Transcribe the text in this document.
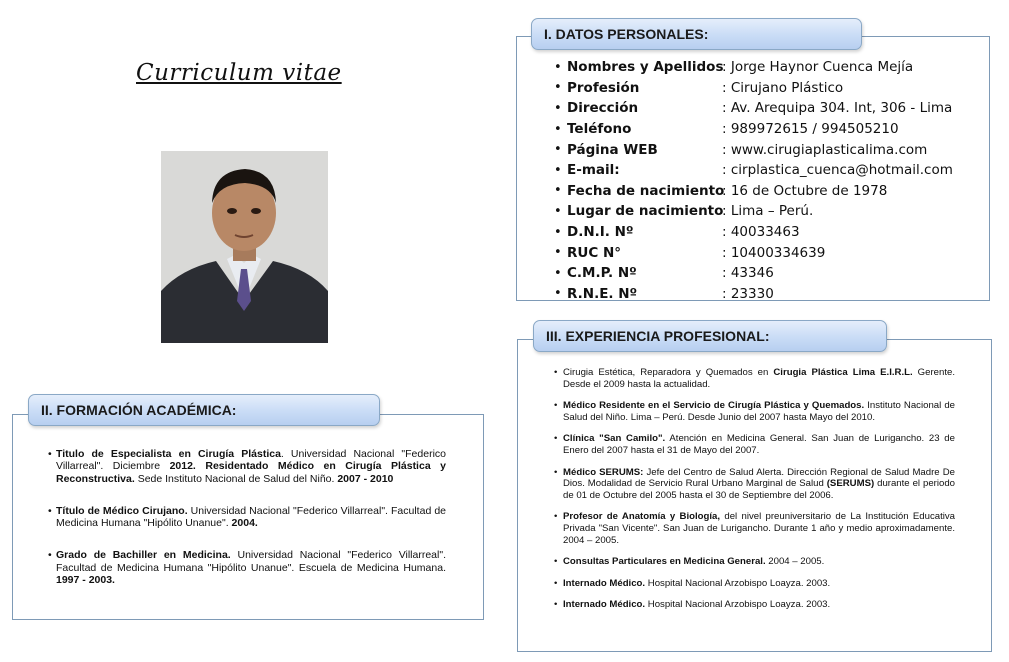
Curriculum vitae
I. DATOS PERSONALES:
• Nombres y Apellidos
: Jorge Haynor Cuenca Mejía
• Profesión	: Cirujano Plástico
• Dirección	: Av. Arequipa 304. Int, 306 - Lima
• Teléfono	: 989972615 / 994505210
• Página WEB	: www.cirugiaplasticalima.com
• E-mail:	: cirplastica_cuenca@hotmail.com
• Fecha de nacimiento
: 16 de Octubre de 1978
• Lugar de nacimiento
: Lima – Perú.
• D.N.I. Nº	: 40033463
• RUC N°	: 10400334639
• C.M.P. Nº	: 43346
• R.N.E. Nº	: 23330
II. FORMACIÓN ACADÉMICA:
• Titulo de Especialista en Cirugía Plástica. Universidad Nacional "Federico Villarreal". Diciembre 2012. Residentado Médico en Cirugía Plástica y Reconstructiva. Sede Instituto Nacional de Salud del Niño. 2007 - 2010
• Título de Médico Cirujano. Universidad Nacional "Federico Villarreal". Facultad de Medicina Humana "Hipólito Unanue". 2004.
• Grado de Bachiller en Medicina. Universidad Nacional "Federico Villarreal". Facultad de Medicina Humana "Hipólito Unanue". Escuela de Medicina Humana. 1997 - 2003.
III. EXPERIENCIA PROFESIONAL:
• Cirugia Estética, Reparadora y Quemados en Cirugia Plástica Lima E.I.R.L. Gerente. Desde el 2009 hasta la actualidad.
• Médico Residente en el Servicio de Cirugía Plástica y Quemados. Instituto Nacional de Salud del Niño. Lima – Perú. Desde Junio del 2007 hasta Mayo del 2010.
• Clínica "San Camilo". Atención en Medicina General. San Juan de Lurigancho. 23 de Enero del 2007 hasta el 31 de Mayo del 2007.
• Médico SERUMS: Jefe del Centro de Salud Alerta. Dirección Regional de Salud Madre De Dios. Modalidad de Servicio Rural Urbano Marginal de Salud (SERUMS) durante el periodo de 01 de Octubre del 2005 hasta el 30 de Septiembre del 2006.
• Profesor de Anatomía y Biología, del nivel preuniversitario de La Institución Educativa Privada "San Vicente". San Juan de Lurigancho. Durante 1 año y medio aproximadamente. 2004 – 2005.
• Consultas Particulares en Medicina General. 2004 – 2005.
• Internado Médico. Hospital Nacional Arzobispo Loayza. 2003.
• Internado Médico. Hospital Nacional Arzobispo Loayza. 2003.
